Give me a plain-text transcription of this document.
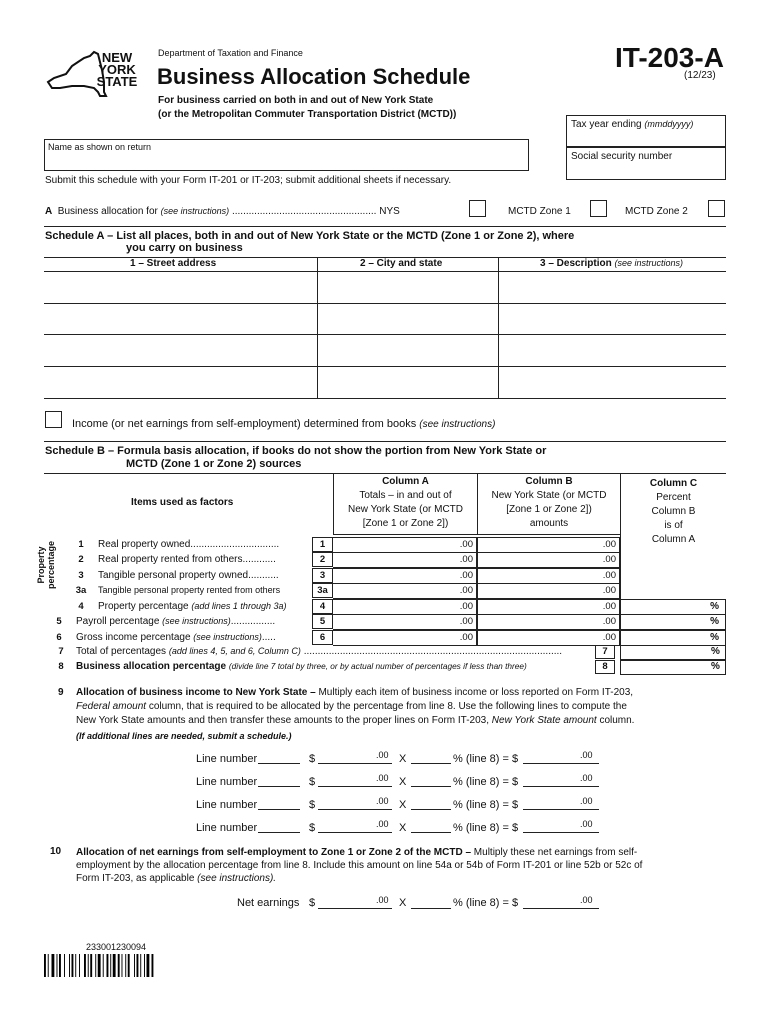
NEW
YORK
STATE
Department of Taxation and Finance
Business Allocation Schedule
IT-203-A
(12/23)
For business carried on both in and out of New York State
(or the Metropolitan Commuter Transportation District (MCTD))
Tax year ending (mmddyyyy)
Social security number
Name as shown on return
Submit this schedule with your Form IT-201 or IT-203; submit additional sheets if necessary.
A Business allocation for (see instructions) .................................................... NYS	MCTD Zone 1	MCTD Zone 2
Schedule A – List all places, both in and out of New York State or the MCTD (Zone 1 or Zone 2), where
you carry on business
1 – Street address	2 – City and state	3 – Description (see instructions)
Income (or net earnings from self-employment) determined from books (see instructions)
Schedule B – Formula basis allocation, if books do not show the portion from New York State or
MCTD (Zone 1 or Zone 2) sources
Items used as factors
Column A
Totals – in and out of
New York State (or MCTD
[Zone 1 or Zone 2])
Column B
New York State (or MCTD
[Zone 1 or Zone 2])
amounts
Column C
Percent
Column B
is of
Column A
Property percentage	1	Real property owned................................	1	.00	.00
2	Real property rented from others............	2	.00	.00
3	Tangible personal property owned...........	3	.00	.00
3a	Tangible personal property rented from others	3a	.00	.00
4	Property percentage (add lines 1 through 3a)	4	.00	.00	%
5	Payroll percentage (see instructions)................	5	.00	.00	%
6	Gross income percentage (see instructions).....	6	.00	.00	%
7	Total of percentages (add lines 4, 5, and 6, Column C) .............................................................................................	7	%
8	Business allocation percentage (divide line 7 total by three, or by actual number of percentages if less than three)	8	%
9 Allocation of business income to New York State – Multiply each item of business income or loss reported on Form IT-203,
Federal amount column, that is required to be allocated by the percentage from line 8. Use the following lines to compute the
New York State amounts and then transfer these amounts to the proper lines on Form IT-203, New York State amount column.
(If additional lines are needed, submit a schedule.)
Line number	$	.00 X	% (line 8) = $	.00
Line number	$	.00 X	% (line 8) = $	.00
Line number	$	.00 X	% (line 8) = $	.00
Line number	$	.00 X	% (line 8) = $	.00
10 Allocation of net earnings from self-employment to Zone 1 or Zone 2 of the MCTD – Multiply these net earnings from self-
employment by the allocation percentage from line 8. Include this amount on line 54a or 54b of Form IT-201 or line 52b or 52c of
Form IT-203, as applicable (see instructions).
Net earnings $	.00 X	% (line 8) = $	.00
233001230094
